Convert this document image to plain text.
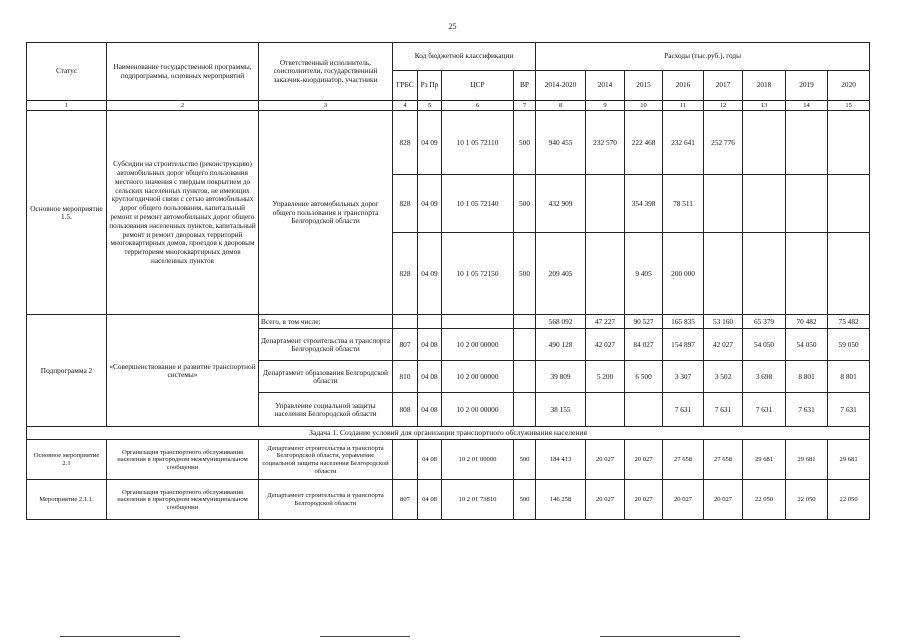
25
Статус	Наименование государственной программы, подпрограммы, основных мероприятий	Ответственный исполнитель, соисполнители, государственный заказчик-координатор, участники	Код бюджетной классификации				Расходы (тыс.руб.), годы							
			ГРБС	Рз Пр	ЦСР	ВР	2014-2020	2014	2015	2016	2017	2018	2019	2020
1	2	3	4	5	6	7	8	9	10	11	12	13	14	15
Основное мероприятие 1.5.	Субсидии на строительство (реконструкцию) автомобильных дорог общего пользования местного значения с твердым покрытием до сельских населенных пунктов, не имеющих круглогодичной связи с сетью автомобильных дорог общего пользования, капитальный ремонт и ремонт автомобильных дорог общего пользования населенных пунктов, капитальный ремонт и ремонт дворовых территорий многоквартирных домов, проездов к дворовым территориям многоквартирных домов населенных пунктов	Управление автомобильных дорог общего пользования и транспорта Белгородской области	828	04 09	10 1 05 72110	500	940 455	232 570	222 468	232 641	252 776			
			828	04 09	10 1 05 72140	500	432 909		354 398	78 511				
			828	04 09	10 1 05 72150	500	209 405		9 405	200 000				
Подпрограмма 2	«Совершенствование и развитие транспортной системы»	Всего, в том числе:					568 092	47 227	90 527	165 835	53 160	65 379	70 482	75 482
		Департамент строительства и транспорта Белгородской области	807	04 08	10 2 00 00000		490 128	42 027	84 027	154 897	42 027	54 050	54 050	59 050
		Департамент образования Белгородской области	810	04 08	10 2 00 00000		39 809	5 200	6 500	3 307	3 502	3 698	8 801	8 801
		Управление социальной защиты населения Белгородской области	808	04 08	10 2 00 00000		38 155			7 631	7 631	7 631	7 631	7 631
Задача 1. Создание условий для организации транспортного обслуживания населения														
Основное мероприятие 2.1	Организация транспортного обслуживания населения в пригородном межмуниципальном сообщении	Департамент строительства и транспорта Белгородской области, управление социальной защиты населения Белгородской области		04 08	10 2 01 00000	500	184 413	20 027	20 027	27 658	27 658	29 681	29 681	29 681
Мероприятие 2.1.1.	Организация транспортного обслуживания населения в пригородном межмуниципальном сообщении	Департамент строительства и транспорта Белгородской области	807	04 08	10 2 01 73810	500	146 258	20 027	20 027	20 027	20 027	22 050	22 050	22 050
